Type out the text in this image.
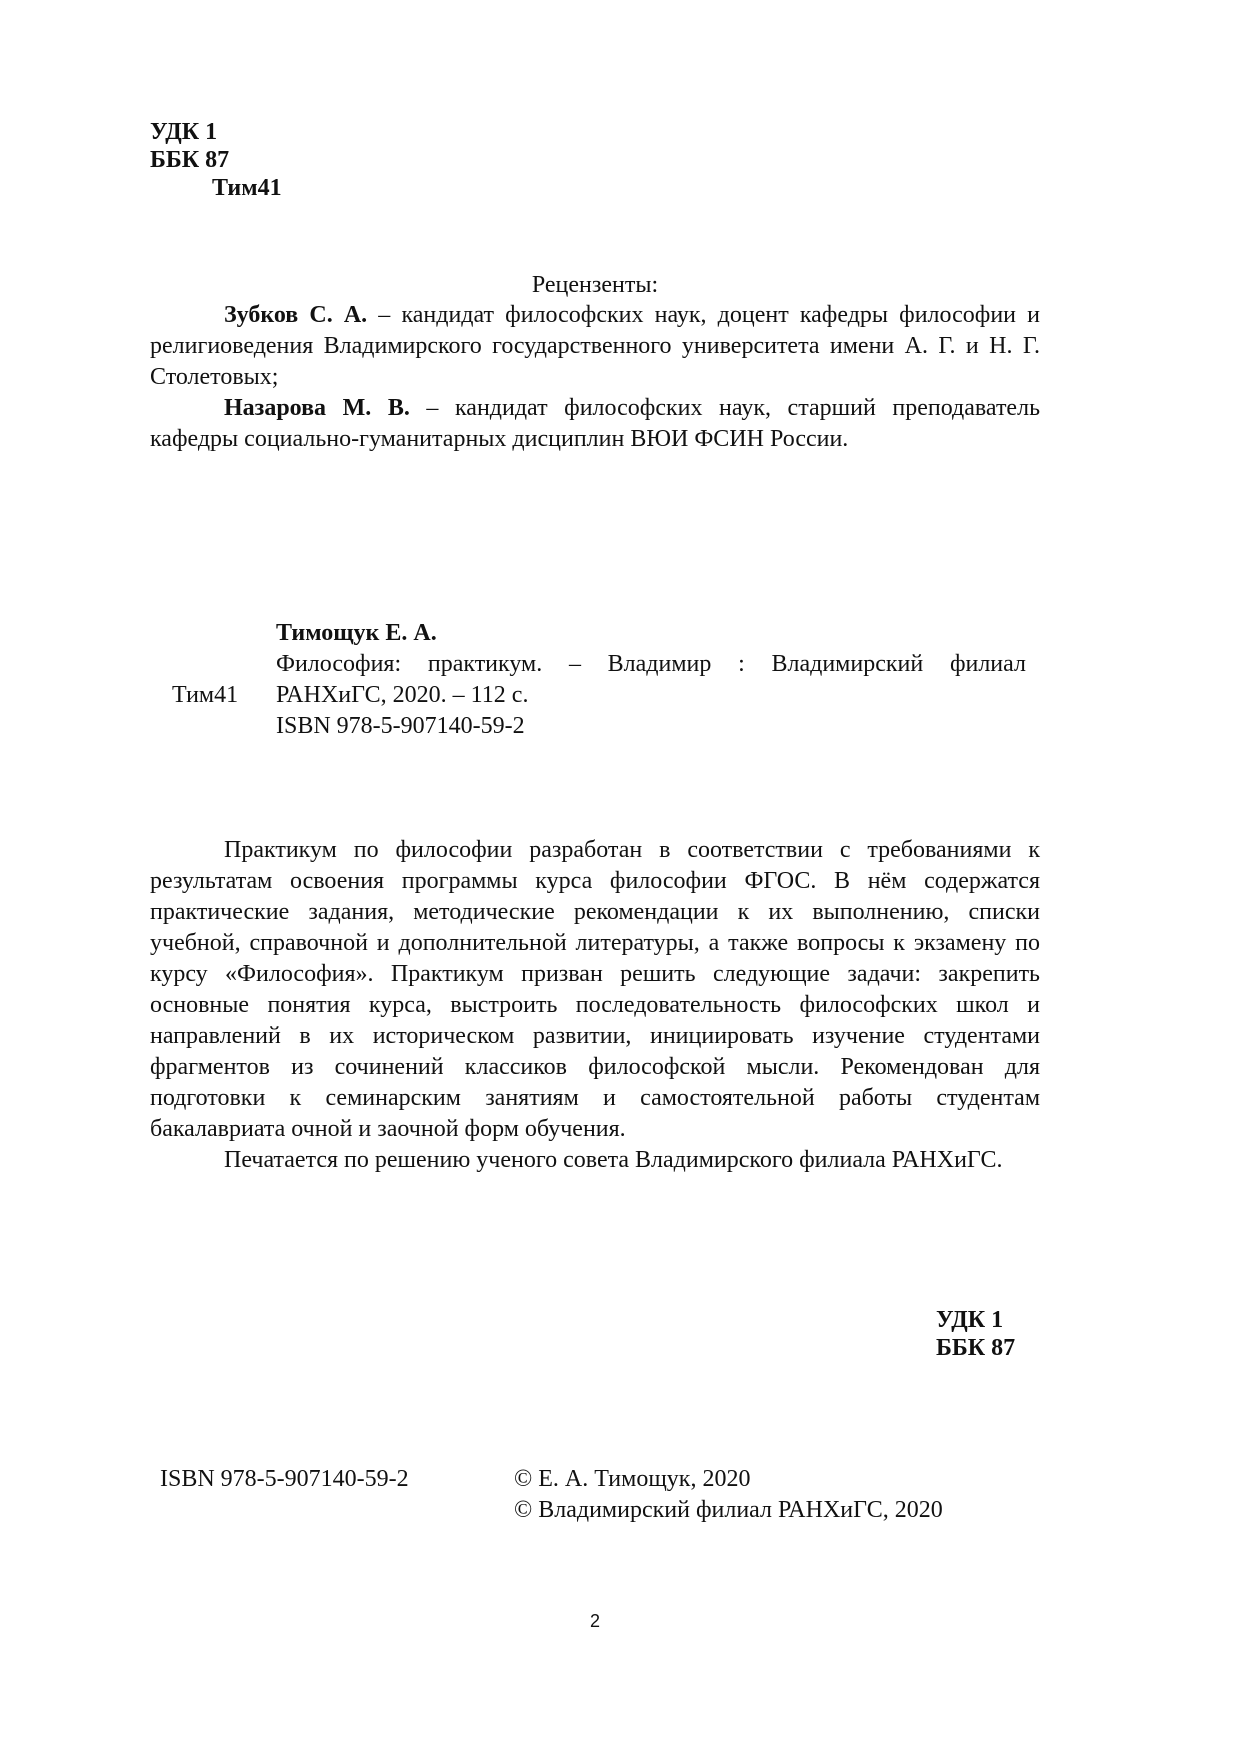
УДК 1
ББК 87
Тим41
Рецензенты:

Зубков С. А. – кандидат философских наук, доцент кафедры философии и религиоведения Владимирского государственного университета имени А. Г. и Н. Г. Столетовых;

Назарова М. В. – кандидат философских наук, старший преподаватель кафедры социально-гуманитарных дисциплин ВЮИ ФСИН России.

Тим41
Тимощук Е. А.
Философия: практикум. – Владимир : Владимирский филиал
РАНХиГС, 2020. – 112 с.
ISBN 978-5-907140-59-2

Практикум по философии разработан в соответствии с требованиями к результатам освоения программы курса философии ФГОС. В нём содержатся практические задания, методические рекомендации к их выполнению, списки учебной, справочной и дополнительной литературы, а также вопросы к экзамену по курсу «Философия». Практикум призван решить следующие задачи: закрепить основные понятия курса, выстроить последовательность философских школ и направлений в их историческом развитии, инициировать изучение студентами фрагментов из сочинений классиков философской мысли. Рекомендован для подготовки к семинарским занятиям и самостоятельной работы студентам бакалавриата очной и заочной форм обучения.

Печатается по решению ученого совета Владимирского филиала РАНХиГС.

УДК 1
ББК 87
ISBN 978-5-907140-59-2	© Е. А. Тимощук, 2020
© Владимирский филиал РАНХиГС, 2020
2
